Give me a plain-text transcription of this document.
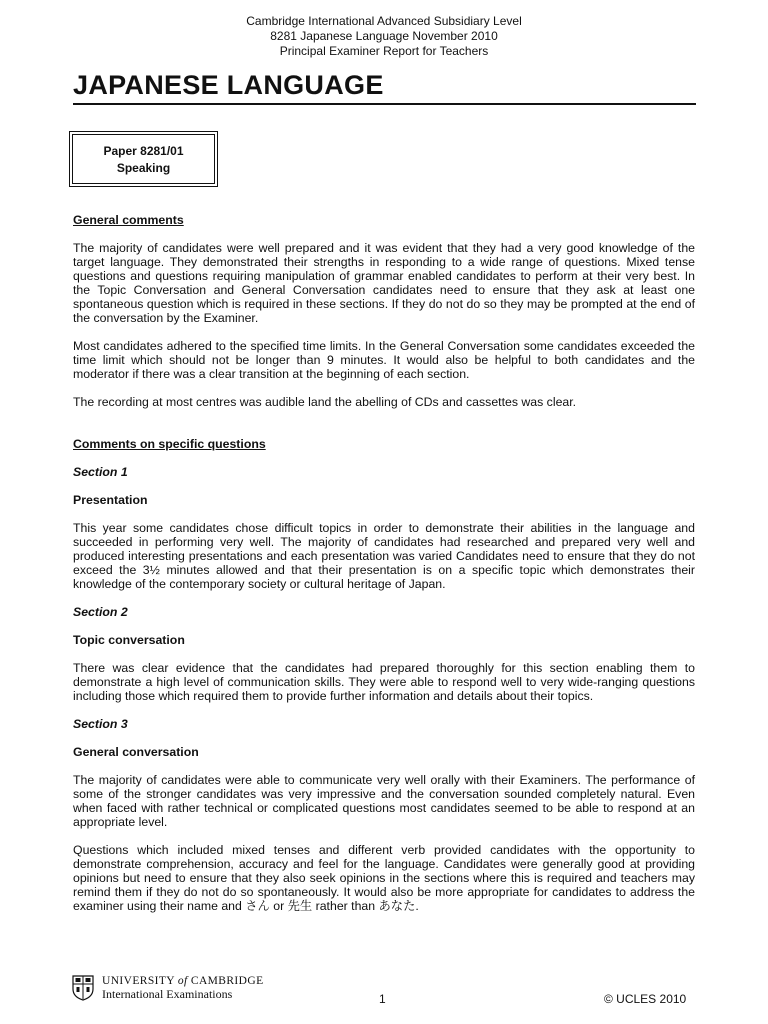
Cambridge International Advanced Subsidiary Level
8281 Japanese Language November 2010
Principal Examiner Report for Teachers
JAPANESE LANGUAGE
Paper 8281/01
Speaking

General comments

The majority of candidates were well prepared and it was evident that they had a very good knowledge of the target language. They demonstrated their strengths in responding to a wide range of questions. Mixed tense questions and questions requiring manipulation of grammar enabled candidates to perform at their very best. In the Topic Conversation and General Conversation candidates need to ensure that they ask at least one spontaneous question which is required in these sections. If they do not do so they may be prompted at the end of the conversation by the Examiner.

Most candidates adhered to the specified time limits. In the General Conversation some candidates exceeded the time limit which should not be longer than 9 minutes. It would also be helpful to both candidates and the moderator if there was a clear transition at the beginning of each section.

The recording at most centres was audible land the abelling of CDs and cassettes was clear.

Comments on specific questions

Section 1

Presentation

This year some candidates chose difficult topics in order to demonstrate their abilities in the language and succeeded in performing very well. The majority of candidates had researched and prepared very well and produced interesting presentations and each presentation was varied Candidates need to ensure that they do not exceed the 3½ minutes allowed and that their presentation is on a specific topic which demonstrates their knowledge of the contemporary society or cultural heritage of Japan.

Section 2

Topic conversation

There was clear evidence that the candidates had prepared thoroughly for this section enabling them to demonstrate a high level of communication skills. They were able to respond well to very wide-ranging questions including those which required them to provide further information and details about their topics.

Section 3

General conversation

The majority of candidates were able to communicate very well orally with their Examiners. The performance of some of the stronger candidates was very impressive and the conversation sounded completely natural. Even when faced with rather technical or complicated questions most candidates seemed to be able to respond at an appropriate level.

Questions which included mixed tenses and different verb provided candidates with the opportunity to demonstrate comprehension, accuracy and feel for the language. Candidates were generally good at providing opinions but need to ensure that they also seek opinions in the sections where this is required and teachers may remind them if they do not do so spontaneously. It would also be more appropriate for candidates to address the examiner using their name and さん or 先生 rather than あなた.

UNIVERSITY of CAMBRIDGE
International Examinations	1	© UCLES 2010
